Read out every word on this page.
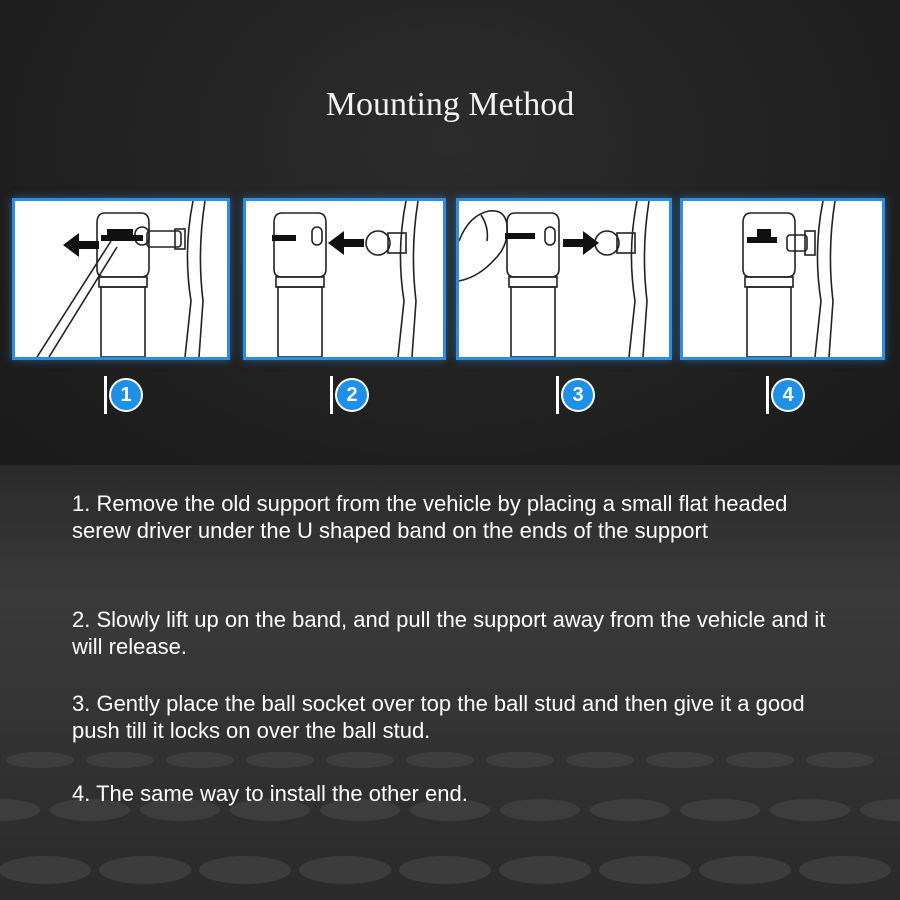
Mounting Method
1	2	3	4

1. Remove the old support from the vehicle by placing a small flat headed serew driver under the U shaped band on the ends of the support

2. Slowly lift up on the band, and pull the support away from the vehicle and it will release.

3. Gently place the ball socket over top the ball stud and then give it a good push till it locks on over the ball stud.

4. The same way to install the other end.
